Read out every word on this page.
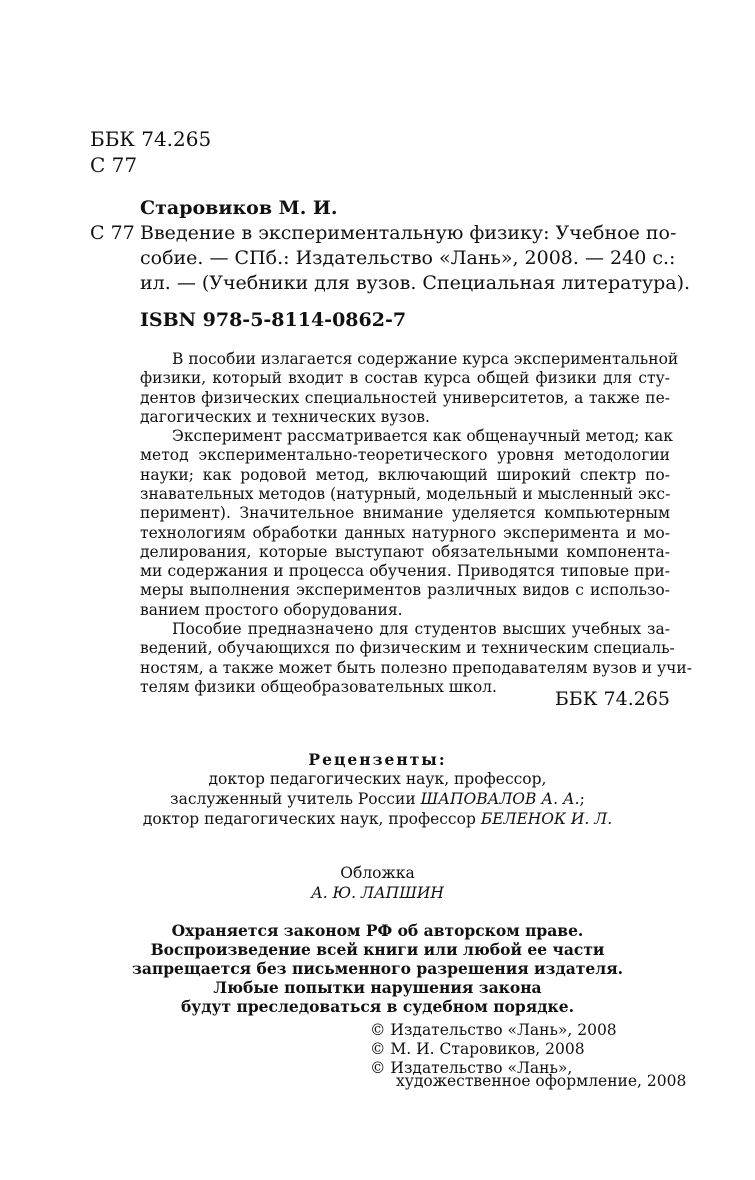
ББК 74.265
С 77
Старовиков М. И.
С 77 Введение в экспериментальную физику: Учебное по-
собие. — СПб.: Издательство «Лань», 2008. — 240 с.:
ил. — (Учебники для вузов. Специальная литература).
ISBN 978-5-8114-0862-7
В пособии излагается содержание курса экспериментальной
физики, который входит в состав курса общей физики для сту-
дентов физических специальностей университетов, а также пе-
дагогических и технических вузов.
Эксперимент рассматривается как общенаучный метод; как
метод экспериментально-теоретического уровня методологии
науки; как родовой метод, включающий широкий спектр по-
знавательных методов (натурный, модельный и мысленный экс-
перимент). Значительное внимание уделяется компьютерным
технологиям обработки данных натурного эксперимента и мо-
делирования, которые выступают обязательными компонента-
ми содержания и процесса обучения. Приводятся типовые при-
меры выполнения экспериментов различных видов с использо-
ванием простого оборудования.
Пособие предназначено для студентов высших учебных за-
ведений, обучающихся по физическим и техническим специаль-
ностям, а также может быть полезно преподавателям вузов и учи-
телям физики общеобразовательных школ.
ББК 74.265
Рецензенты:
доктор педагогических наук, профессор,
заслуженный учитель России ШАПОВАЛОВ А. А.;
доктор педагогических наук, профессор БЕЛЕНОК И. Л.
Обложка
А. Ю. ЛАПШИН
Охраняется законом РФ об авторском праве.
Воспроизведение всей книги или любой ее части
запрещается без письменного разрешения издателя.
Любые попытки нарушения закона
будут преследоваться в судебном порядке.
© Издательство «Лань», 2008
© М. И. Старовиков, 2008
© Издательство «Лань»,
художественное оформление, 2008
